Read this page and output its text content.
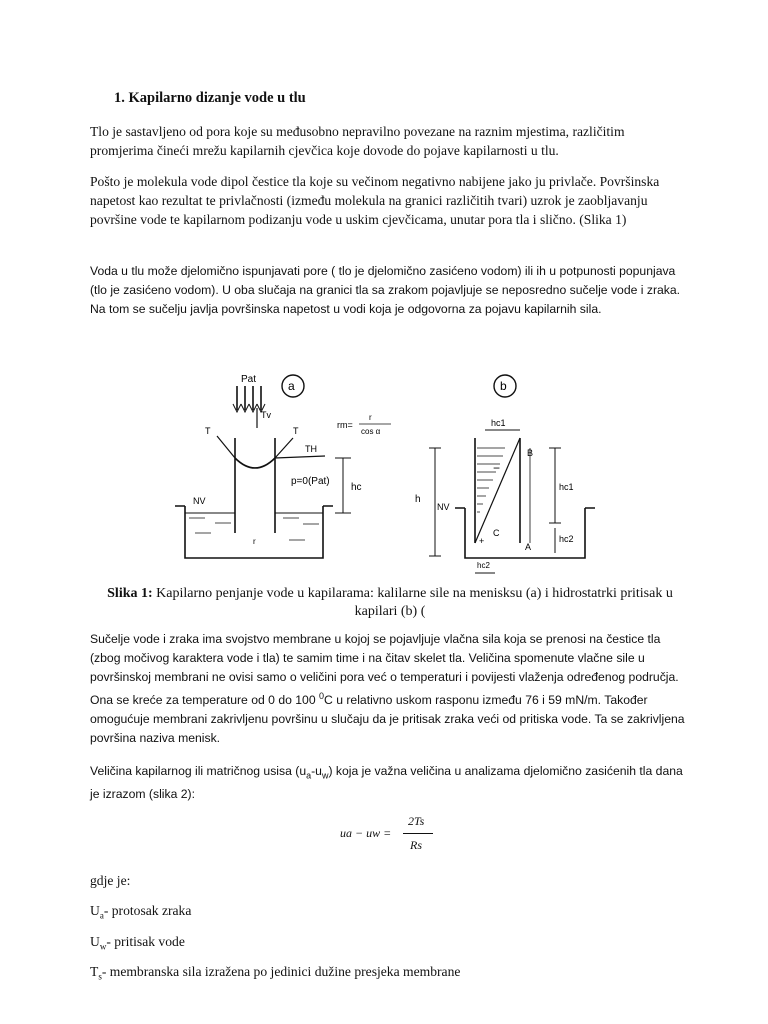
1. Kapilarno dizanje vode u tlu

Tlo je sastavljeno od pora koje su međusobno nepravilno povezane na raznim mjestima, različitim promjerima čineći mrežu kapilarnih cjevčica koje dovode do pojave kapilarnosti u tlu.

Pošto je molekula vode dipol čestice tla koje su večinom negativno nabijene jako ju privlače. Površinska napetost kao rezultat te privlačnosti (između molekula na granici različitih tvari) uzrok je zaobljavanju površine vode te kapilarnom podizanju vode u uskim cjevčicama, unutar pora tla i slično. (Slika 1)

Voda u tlu može djelomično ispunjavati pore ( tlo je djelomično zasićeno vodom) ili ih u potpunosti popunjava (tlo je zasićeno vodom). U oba slučaja na granici tla sa zrakom pojavljuje se neposredno sučelje vode i zraka. Na tom se sučelju javlja površinska napetost u vodi koja je odgovorna za pojavu kapilarnih sila.

a
Pat
Tv
T	T
TH
rm=
r
cos α
p=0(Pat)
hc
NV
r
b
hc1
B
−
h
hc1
NV
C
+
A
hc2
hc2
Slika 1: Kapilarno penjanje vode u kapilarama: kalilarne sile na menisksu (a) i hidrostatrki pritisak u kapilari (b) (

Sučelje vode i zraka ima svojstvo membrane u kojoj se pojavljuje vlačna sila koja se prenosi na čestice tla (zbog močivog karaktera vode i tla) te samim time i na čitav skelet tla. Veličina spomenute vlačne sile u površinskoj membrani ne ovisi samo o veličini pora već o temperaturi i povijesti vlaženja određenog područja. Ona se kreće za temperature od 0 do 100 $^0$C u relativno uskom rasponu između 76 i 59 mN/m. Također omogućuje membrani zakrivljenu površinu u slučaju da je pritisak zraka veći od pritiska vode. Ta se zakrivljena površina naziva menisk.

Veličina kapilarnog ili matričnog usisa $(u_a-u_w)$ koja je važna veličina u analizama djelomično zasićenih tla dana je izrazom (slika 2):

ua − uw =
2Ts
Rs
gdje je:
$U_a-$ protosak zraka
$U_w-$ pritisak vode
$T_s-$ membranska sila izražena po jedinici dužine presjeka membrane
